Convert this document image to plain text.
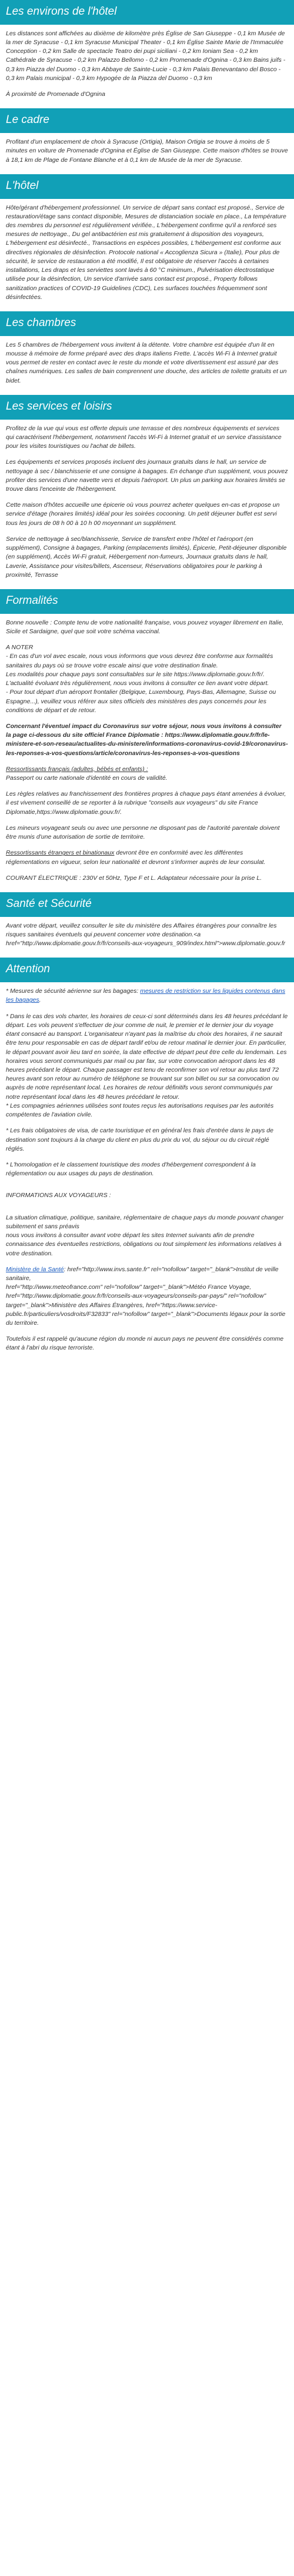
Les environs de l'hôtel

Les distances sont affichées au dixième de kilomètre près Église de San Giuseppe - 0,1 km Musée de la mer de Syracuse - 0,1 km Syracuse Municipal Theater - 0,1 km Église Sainte Marie de l'Immaculée Conception - 0,2 km Salle de spectacle Teatro dei pupi siciliani - 0,2 km Ioniam Sea - 0,2 km Cathédrale de Syracuse - 0,2 km Palazzo Bellomo - 0,2 km Promenade d'Ognina - 0,3 km Bains juifs - 0,3 km Piazza del Duomo - 0,3 km Abbaye de Sainte-Lucie - 0,3 km Palais Benevantano del Bosco - 0,3 km Palais municipal - 0,3 km Hypogée de la Piazza del Duomo - 0,3 km

À proximité de Promenade d'Ognina

Le cadre

Profitant d'un emplacement de choix à Syracuse (Ortigia), Maison Ortigia se trouve à moins de 5 minutes en voiture de Promenade d'Ognina et Église de San Giuseppe. Cette maison d'hôtes se trouve à 18,1 km de Plage de Fontane Blanche et à 0,1 km de Musée de la mer de Syracuse.

L'hôtel

Hôte/gérant d'hébergement professionnel. Un service de départ sans contact est proposé., Service de restauration/étage sans contact disponible, Mesures de distanciation sociale en place., La température des membres du personnel est régulièrement vérifiée., L'hébergement confirme qu'il a renforcé ses mesures de nettoyage., Du gel antibactérien est mis gratuitement à disposition des voyageurs, L'hébergement est désinfecté., Transactions en espèces possibles, L'hébergement est conforme aux directives régionales de désinfection. Protocole national « Accoglienza Sicura » (Italie), Pour plus de sécurité, le service de restauration a été modifié, Il est obligatoire de réserver l'accès à certaines installations, Les draps et les serviettes sont lavés à 60 °C minimum., Pulvérisation électrostatique utilisée pour la désinfection, Un service d'arrivée sans contact est proposé., Property follows sanitization practices of COVID-19 Guidelines (CDC), Les surfaces touchées fréquemment sont désinfectées.

Les chambres

Les 5 chambres de l'hébergement vous invitent à la détente. Votre chambre est équipée d'un lit en mousse à mémoire de forme préparé avec des draps italiens Frette. L'accès Wi-Fi à Internet gratuit vous permet de rester en contact avec le reste du monde et votre divertissement est assuré par des chaînes numériques. Les salles de bain comprennent une douche, des articles de toilette gratuits et un bidet.

Les services et loisirs

Profitez de la vue qui vous est offerte depuis une terrasse et des nombreux équipements et services qui caractérisent l'hébergement, notamment l'accès Wi-Fi à Internet gratuit et un service d'assistance pour les visites touristiques ou l'achat de billets.

Les équipements et services proposés incluent des journaux gratuits dans le hall, un service de nettoyage à sec / blanchisserie et une consigne à bagages. En échange d'un supplément, vous pouvez profiter des services d'une navette vers et depuis l'aéroport. Un plus un parking aux horaires limités se trouve dans l'enceinte de l'hébergement.

Cette maison d'hôtes accueille une épicerie où vous pourrez acheter quelques en-cas et propose un service d'étage (horaires limités) idéal pour les soirées cocooning. Un petit déjeuner buffet est servi tous les jours de 08 h 00 à 10 h 00 moyennant un supplément.

Service de nettoyage à sec/blanchisserie, Service de transfert entre l'hôtel et l'aéroport (en supplément), Consigne à bagages, Parking (emplacements limités), Épicerie, Petit-déjeuner disponible (en supplément), Accès Wi-Fi gratuit, Hébergement non-fumeurs, Journaux gratuits dans le hall, Laverie, Assistance pour visites/billets, Ascenseur, Réservations obligatoires pour le parking à proximité, Terrasse

Formalités

Bonne nouvelle : Compte tenu de votre nationalité française, vous pouvez voyager librement en Italie, Sicile et Sardaigne, quel que soit votre schéma vaccinal.

A NOTER
- En cas d'un vol avec escale, nous vous informons que vous devrez être conforme aux formalités sanitaires du pays où se trouve votre escale ainsi que votre destination finale.
Les modalités pour chaque pays sont consultables sur le site https://www.diplomatie.gouv.fr/fr/. L'actualité évoluant très régulièrement, nous vous invitons à consulter ce lien avant votre départ.
- Pour tout départ d'un aéroport frontalier (Belgique, Luxembourg, Pays-Bas, Allemagne, Suisse ou Espagne...), veuillez vous référer aux sites officiels des ministères des pays concernés pour les conditions de départ et de retour.

Concernant l'éventuel impact du Coronavirus sur votre séjour, nous vous invitons à consulter la page ci-dessous du site officiel France Diplomatie : https://www.diplomatie.gouv.fr/fr/le-ministere-et-son-reseau/actualites-du-ministere/informations-coronavirus-covid-19/coronavirus-les-reponses-a-vos-questions/article/coronavirus-les-reponses-a-vos-questions

Ressortissants français (adultes, bébés et enfants) :
Passeport ou carte nationale d'identité en cours de validité.

Les règles relatives au franchissement des frontières propres à chaque pays étant amenées à évoluer, il est vivement conseillé de se reporter à la rubrique "conseils aux voyageurs" du site France Diplomatie,https://www.diplomatie.gouv.fr/.

Les mineurs voyageant seuls ou avec une personne ne disposant pas de l'autorité parentale doivent être munis d'une autorisation de sortie de territoire.

Ressortissants étrangers et binationaux devront être en conformité avec les différentes réglementations en vigueur, selon leur nationalité et devront s'informer auprès de leur consulat.

COURANT ÉLECTRIQUE : 230V et 50Hz, Type F et L. Adaptateur nécessaire pour la prise L.

Santé et Sécurité

Avant votre départ, veuillez consulter le site du ministère des Affaires étrangères pour connaître les risques sanitaires éventuels qui peuvent concerner votre destination.<a href="http://www.diplomatie.gouv.fr/fr/conseils-aux-voyageurs_909/index.html">www.diplomatie.gouv.fr

Attention

* Mesures de sécurité aérienne sur les bagages: mesures de restriction sur les liquides contenus dans les bagages.

* Dans le cas des vols charter, les horaires de ceux-ci sont déterminés dans les 48 heures précédant le départ. Les vols peuvent s'effectuer de jour comme de nuit, le premier et le dernier jour du voyage étant consacré au transport. L'organisateur n'ayant pas la maîtrise du choix des horaires, il ne saurait être tenu pour responsable en cas de départ tardif et/ou de retour matinal le dernier jour. En particulier, le départ pouvant avoir lieu tard en soirée, la date effective de départ peut être celle du lendemain. Les horaires vous seront communiqués par mail ou par fax, sur votre convocation aéroport dans les 48 heures précédant le départ. Chaque passager est tenu de reconfirmer son vol retour au plus tard 72 heures avant son retour au numéro de téléphone se trouvant sur son billet ou sur sa convocation ou auprès de notre représentant local. Les horaires de retour définitifs vous seront communiqués par notre représentant local dans les 48 heures précédant le retour.
* Les compagnies aériennes utilisées sont toutes reçus les autorisations requises par les autorités compétentes de l'aviation civile.

* Les frais obligatoires de visa, de carte touristique et en général les frais d'entrée dans le pays de destination sont toujours à la charge du client en plus du prix du vol, du séjour ou du circuit réglé réglés.

* L'homologation et le classement touristique des modes d'hébergement correspondent à la réglementation ou aux usages du pays de destination.

INFORMATIONS AUX VOYAGEURS :

La situation climatique, politique, sanitaire, réglementaire de chaque pays du monde pouvant changer subitement et sans préavis
nous vous invitons à consulter avant votre départ les sites Internet suivants afin de prendre connaissance des éventuelles restrictions, obligations ou tout simplement les informations relatives à votre destination.

Ministère de la Santé: href="http://www.invs.sante.fr" rel="nofollow" target="_blank">Institut de veille sanitaire,
href="http://www.meteofrance.com" rel="nofollow" target="_blank">Météo France Voyage, href="http://www.diplomatie.gouv.fr/fr/conseils-aux-voyageurs/conseils-par-pays/" rel="nofollow" target="_blank">Ministère des Affaires Étrangères, href="https://www.service-public.fr/particuliers/vosdroits/F32833" rel="nofollow" target="_blank">Documents légaux pour la sortie du territoire.

Toutefois il est rappelé qu'aucune région du monde ni aucun pays ne peuvent être considérés comme étant à l'abri du risque terroriste.
